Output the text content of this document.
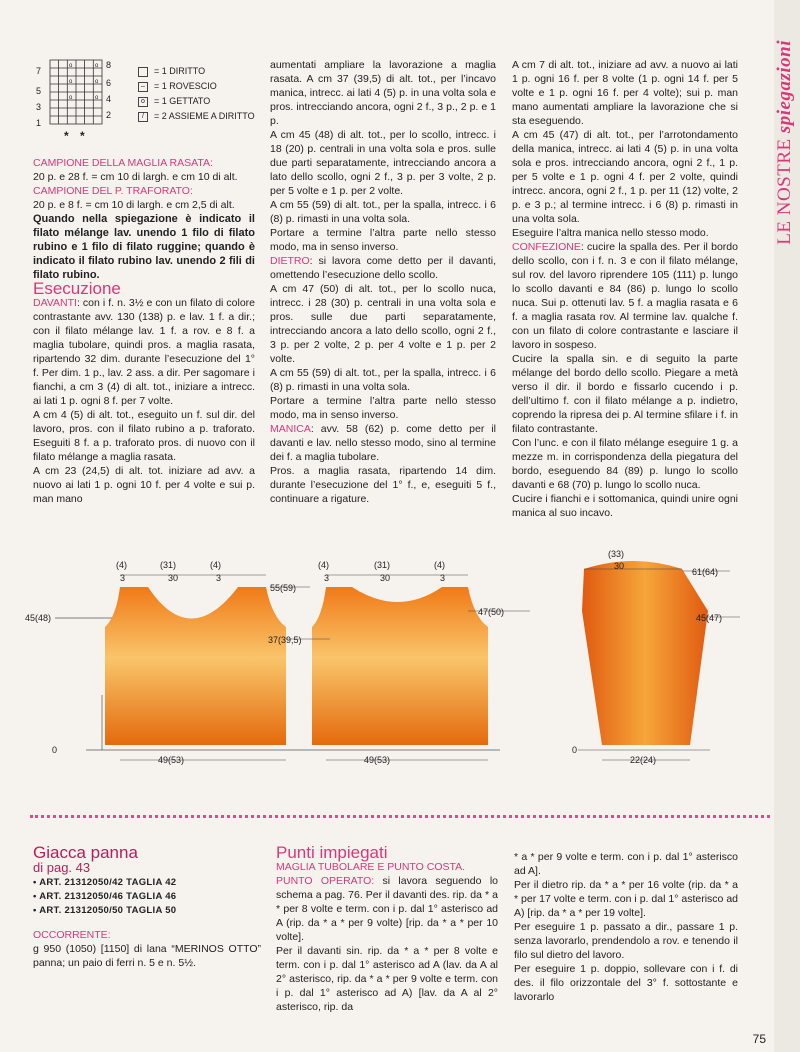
7
5
3
1
8
6
4
2
o	o
o	o
o	o
* *
= 1 DIRITTO
–	= 1 ROVESCIO
o	= 1 GETTATO
/	= 2 ASSIEME A DIRITTO

CAMPIONE DELLA MAGLIA RASATA:

20 p. e 28 f. = cm 10 di largh. e cm 10 di alt.

CAMPIONE DEL P. TRAFORATO:

20 p. e 8 f. = cm 10 di largh. e cm 2,5 di alt.

Quando nella spiegazione è indicato il filato mélange lav. unendo 1 filo di filato rubino e 1 filo di filato ruggine; quando è indicato il filato rubino lav. unendo 2 fili di filato rubino.

Esecuzione

DAVANTI: con i f. n. 3½ e con un filato di colore contrastante avv. 130 (138) p. e lav. 1 f. a dir.; con il filato mélange lav. 1 f. a rov. e 8 f. a maglia tubolare, quindi pros. a maglia rasata, ripartendo 32 dim. durante l’esecuzione del 1° f. Per dim. 1 p., lav. 2 ass. a dir. Per sagomare i fianchi, a cm 3 (4) di alt. tot., iniziare a intrecc. ai lati 1 p. ogni 8 f. per 7 volte.

A cm 4 (5) di alt. tot., eseguito un f. sul dir. del lavoro, pros. con il filato rubino a p. traforato. Eseguiti 8 f. a p. traforato pros. di nuovo con il filato mélange a maglia rasata.

A cm 23 (24,5) di alt. tot. iniziare ad avv. a nuovo ai lati 1 p. ogni 10 f. per 4 volte e sui p. man mano

aumentati ampliare la lavorazione a maglia rasata. A cm 37 (39,5) di alt. tot., per l’incavo manica, intrecc. ai lati 4 (5) p. in una volta sola e pros. intrecciando ancora, ogni 2 f., 3 p., 2 p. e 1 p.

A cm 45 (48) di alt. tot., per lo scollo, intrecc. i 18 (20) p. centrali in una volta sola e pros. sulle due parti separatamente, intrecciando ancora a lato dello scollo, ogni 2 f., 3 p. per 3 volte, 2 p. per 5 volte e 1 p. per 2 volte.

A cm 55 (59) di alt. tot., per la spalla, intrecc. i 6 (8) p. rimasti in una volta sola.

Portare a termine l’altra parte nello stesso modo, ma in senso inverso.

DIETRO: si lavora come detto per il davanti, omettendo l’esecuzione dello scollo.

A cm 47 (50) di alt. tot., per lo scollo nuca, intrecc. i 28 (30) p. centrali in una volta sola e pros. sulle due parti separatamente, intrecciando ancora a lato dello scollo, ogni 2 f., 3 p. per 2 volte, 2 p. per 4 volte e 1 p. per 2 volte.

A cm 55 (59) di alt. tot., per la spalla, intrecc. i 6 (8) p. rimasti in una volta sola.

Portare a termine l’altra parte nello stesso modo, ma in senso inverso.

MANICA: avv. 58 (62) p. come detto per il davanti e lav. nello stesso modo, sino al termine dei f. a maglia tubolare.

Pros. a maglia rasata, ripartendo 14 dim. durante l’esecuzione del 1° f., e, eseguiti 5 f., continuare a rigature.

A cm 7 di alt. tot., iniziare ad avv. a nuovo ai lati 1 p. ogni 16 f. per 8 volte (1 p. ogni 14 f. per 5 volte e 1 p. ogni 16 f. per 4 volte); sui p. man mano aumentati ampliare la lavorazione che si sta eseguendo.

A cm 45 (47) di alt. tot., per l’arrotondamento della manica, intrecc. ai lati 4 (5) p. in una volta sola e pros. intrecciando ancora, ogni 2 f., 1 p. per 5 volte e 1 p. ogni 4 f. per 2 volte, quindi intrecc. ancora, ogni 2 f., 1 p. per 11 (12) volte, 2 p. e 3 p.; al termine intrecc. i 6 (8) p. rimasti in una volta sola.

Eseguire l’altra manica nello stesso modo.

CONFEZIONE: cucire la spalla des. Per il bordo dello scollo, con i f. n. 3 e con il filato mélange, sul rov. del lavoro riprendere 105 (111) p. lungo lo scollo davanti e 84 (86) p. lungo lo scollo nuca. Sui p. ottenuti lav. 5 f. a maglia rasata e 6 f. a maglia rasata rov. Al termine lav. qualche f. con un filato di colore contrastante e lasciare il lavoro in sospeso.

Cucire la spalla sin. e di seguito la parte mélange del bordo dello scollo. Piegare a metà verso il dir. il bordo e fissarlo cucendo i p. dell’ultimo f. con il filato mélange a p. indietro, coprendo la ripresa dei p. Al termine sfilare i f. in filato contrastante.

Con l’unc. e con il filato mélange eseguire 1 g. a mezze m. in corrispondenza della piegatura del bordo, eseguendo 84 (89) p. lungo lo scollo davanti e 68 (70) p. lungo lo scollo nuca.

Cucire i fianchi e i sottomanica, quindi unire ogni manica al suo incavo.

(4)
3
(31)
30
(4)
3
45(48)
55(59)
37(39,5)
0
49(53)
(4)
3
(31)
30
(4)
3
47(50)
49(53)
(33)
30
61(64)
45(47)
0
22(24)
Giacca panna

di pag. 43

• ART. 21312050/42 TAGLIA 42

• ART. 21312050/46 TAGLIA 46

• ART. 21312050/50 TAGLIA 50

OCCORRENTE:

g 950 (1050) [1150] di lana “MERINOS OTTO” panna; un paio di ferri n. 5 e n. 5½.

Punti impiegati

MAGLIA TUBOLARE E PUNTO COSTA.

PUNTO OPERATO: si lavora seguendo lo schema a pag. 76. Per il davanti des. rip. da * a * per 8 volte e term. con i p. dal 1° asterisco ad A (rip. da * a * per 9 volte) [rip. da * a * per 10 volte].

Per il davanti sin. rip. da * a * per 8 volte e term. con i p. dal 1° asterisco ad A (lav. da A al 2° asterisco, rip. da * a * per 9 volte e term. con i p. dal 1° asterisco ad A) [lav. da A al 2° asterisco, rip. da

* a * per 9 volte e term. con i p. dal 1° asterisco ad A].

Per il dietro rip. da * a * per 16 volte (rip. da * a * per 17 volte e term. con i p. dal 1° asterisco ad A) [rip. da * a * per 19 volte].

Per eseguire 1 p. passato a dir., passare 1 p. senza lavorarlo, prendendolo a rov. e tenendo il filo sul dietro del lavoro.

Per eseguire 1 p. doppio, sollevare con i f. di des. il filo orizzontale del 3° f. sottostante e lavorarlo

LE NOSTRE spiegazioni
75
